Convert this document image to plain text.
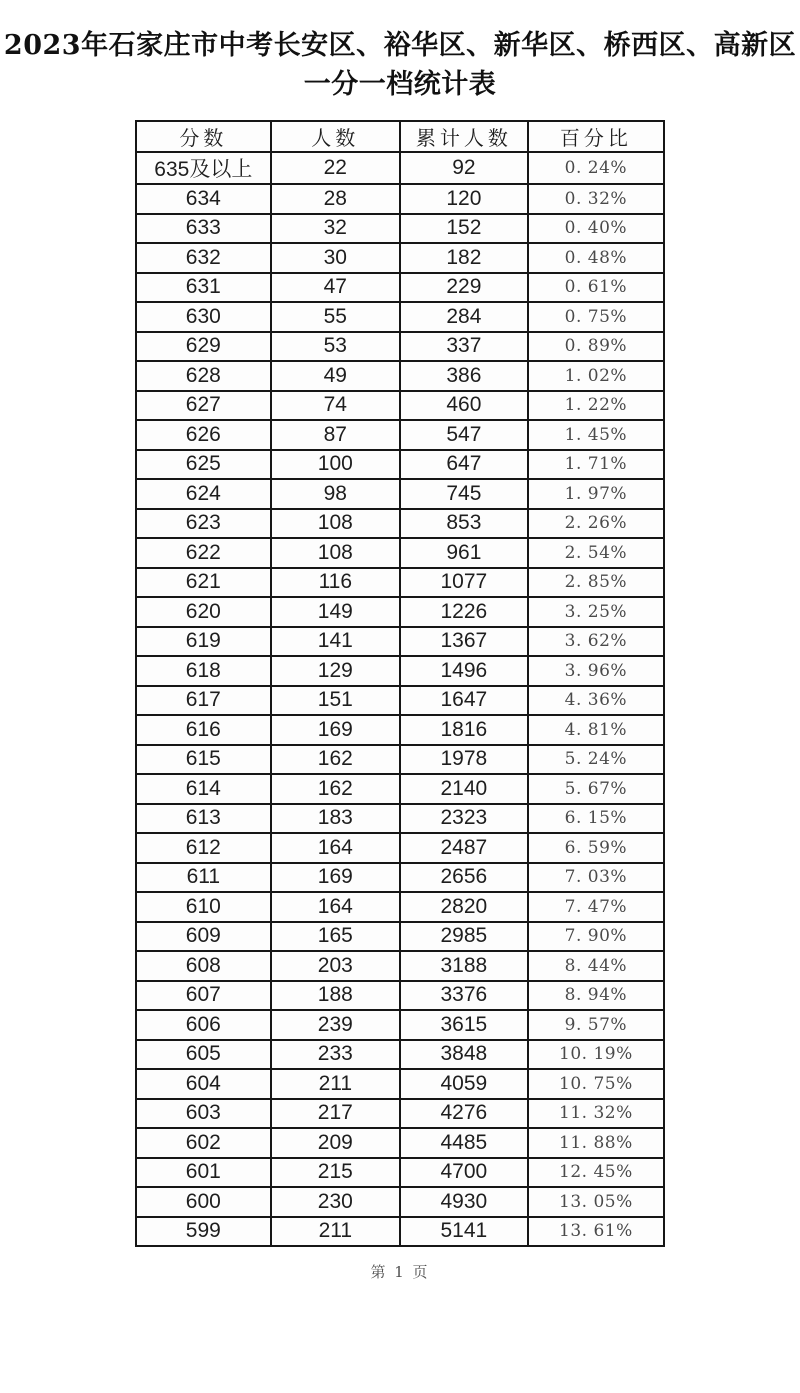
2023年石家庄市中考长安区、裕华区、新华区、桥西区、高新区
一分一档统计表
分数	人数	累计人数	百分比
635及以上	22	92	0. 24%
634	28	120	0. 32%
633	32	152	0. 40%
632	30	182	0. 48%
631	47	229	0. 61%
630	55	284	0. 75%
629	53	337	0. 89%
628	49	386	1. 02%
627	74	460	1. 22%
626	87	547	1. 45%
625	100	647	1. 71%
624	98	745	1. 97%
623	108	853	2. 26%
622	108	961	2. 54%
621	116	1077	2. 85%
620	149	1226	3. 25%
619	141	1367	3. 62%
618	129	1496	3. 96%
617	151	1647	4. 36%
616	169	1816	4. 81%
615	162	1978	5. 24%
614	162	2140	5. 67%
613	183	2323	6. 15%
612	164	2487	6. 59%
611	169	2656	7. 03%
610	164	2820	7. 47%
609	165	2985	7. 90%
608	203	3188	8. 44%
607	188	3376	8. 94%
606	239	3615	9. 57%
605	233	3848	10. 19%
604	211	4059	10. 75%
603	217	4276	11. 32%
602	209	4485	11. 88%
601	215	4700	12. 45%
600	230	4930	13. 05%
599	211	5141	13. 61%
第 1 页
